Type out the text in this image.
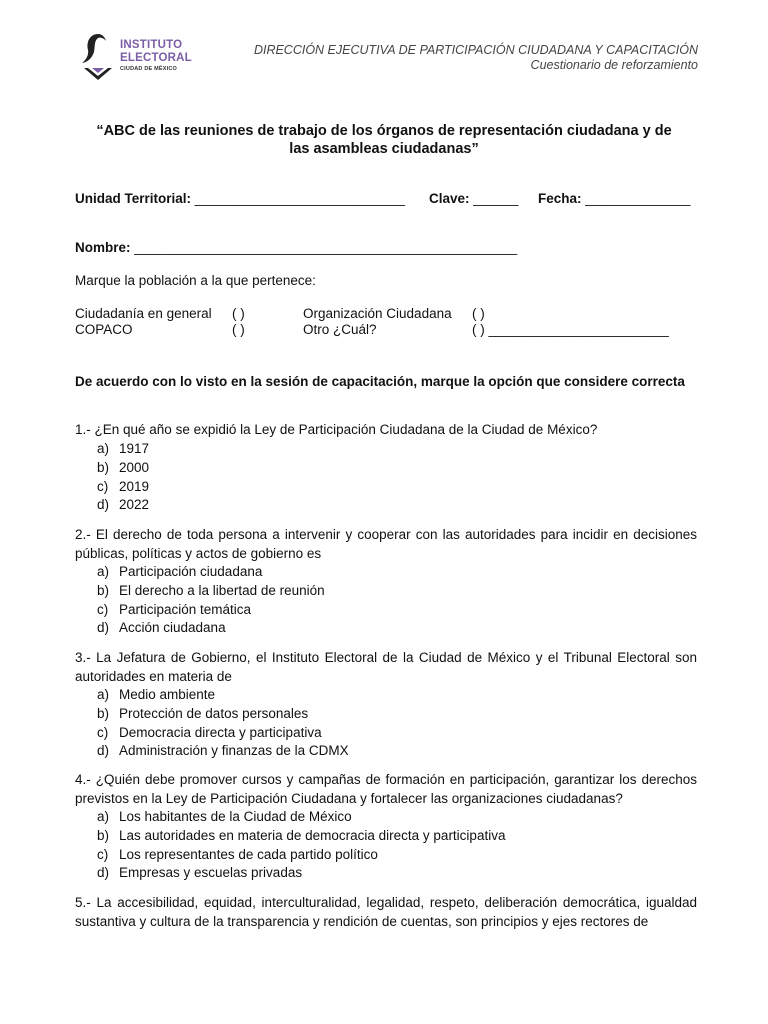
INSTITUTO
ELECTORAL
CIUDAD DE MÉXICO
DIRECCIÓN EJECUTIVA DE PARTICIPACIÓN CIUDADANA Y CAPACITACIÓN
Cuestionario de reforzamiento
“ABC de las reuniones de trabajo de los órganos de representación ciudadana y de
las asambleas ciudadanas”
Unidad Territorial: ____________________________ Clave: ______ Fecha: ______________
Nombre: ___________________________________________________
Marque la población a la que pertenece:
Ciudadanía en general ( )	Organización Ciudadana ( )
COPACO	( )	Otro ¿Cuál?	( ) ________________________
De acuerdo con lo visto en la sesión de capacitación, marque la opción que considere correcta
1.- ¿En qué año se expidió la Ley de Participación Ciudadana de la Ciudad de México?
a) 1917
b) 2000
c) 2019
d) 2022
2.- El derecho de toda persona a intervenir y cooperar con las autoridades para incidir en decisiones públicas, políticas y actos de gobierno es
a) Participación ciudadana
b) El derecho a la libertad de reunión
c) Participación temática
d) Acción ciudadana
3.- La Jefatura de Gobierno, el Instituto Electoral de la Ciudad de México y el Tribunal Electoral son autoridades en materia de
a) Medio ambiente
b) Protección de datos personales
c) Democracia directa y participativa
d) Administración y finanzas de la CDMX
4.- ¿Quién debe promover cursos y campañas de formación en participación, garantizar los derechos previstos en la Ley de Participación Ciudadana y fortalecer las organizaciones ciudadanas?
a) Los habitantes de la Ciudad de México
b) Las autoridades en materia de democracia directa y participativa
c) Los representantes de cada partido político
d) Empresas y escuelas privadas
5.- La accesibilidad, equidad, interculturalidad, legalidad, respeto, deliberación democrática, igualdad sustantiva y cultura de la transparencia y rendición de cuentas, son principios y ejes rectores de
